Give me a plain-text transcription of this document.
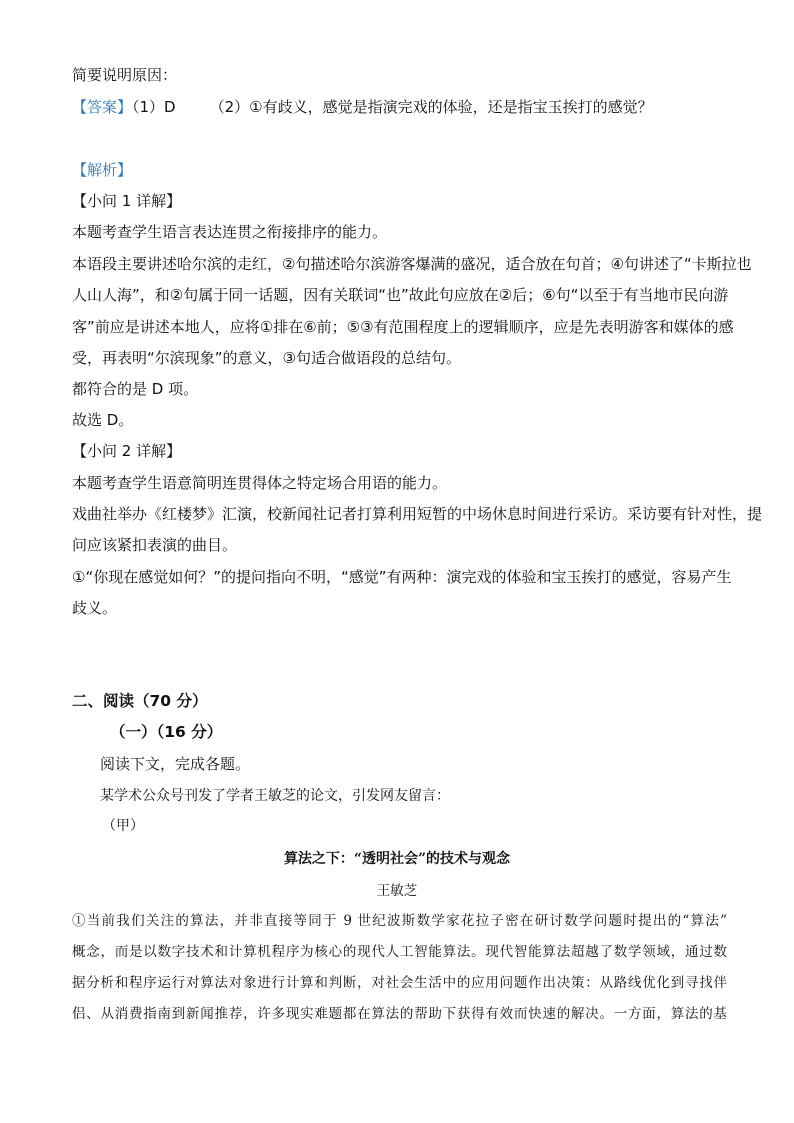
简要说明原因：
【答案】（1）D （2）①有歧义，感觉是指演完戏的体验，还是指宝玉挨打的感觉？
【解析】
【小问 1 详解】
本题考查学生语言表达连贯之衔接排序的能力。
本语段主要讲述哈尔滨的走红，②句描述哈尔滨游客爆满的盛况，适合放在句首；④句讲述了“卡斯拉也
人山人海”，和②句属于同一话题，因有关联词“也”故此句应放在②后；⑥句“以至于有当地市民向游
客”前应是讲述本地人，应将①排在⑥前；⑤③有范围程度上的逻辑顺序，应是先表明游客和媒体的感
受，再表明“尔滨现象”的意义，③句适合做语段的总结句。
都符合的是 D 项。
故选 D。
【小问 2 详解】
本题考查学生语意简明连贯得体之特定场合用语的能力。
戏曲社举办《红楼梦》汇演，校新闻社记者打算利用短暂的中场休息时间进行采访。采访要有针对性，提
问应该紧扣表演的曲目。
①“你现在感觉如何？”的提问指向不明，“感觉”有两种：演完戏的体验和宝玉挨打的感觉，容易产生
歧义。
二、阅读（70 分）
（一）（16 分）
阅读下文，完成各题。
某学术公众号刊发了学者王敏芝的论文，引发网友留言：
（甲）
算法之下：“透明社会”的技术与观念
王敏芝
①当前我们关注的算法，并非直接等同于 9 世纪波斯数学家花拉子密在研讨数学问题时提出的“算法”
概念，而是以数字技术和计算机程序为核心的现代人工智能算法。现代智能算法超越了数学领域，通过数
据分析和程序运行对算法对象进行计算和判断，对社会生活中的应用问题作出决策：从路线优化到寻找伴
侣、从消费指南到新闻推荐，许多现实难题都在算法的帮助下获得有效而快速的解决。一方面，算法的基
